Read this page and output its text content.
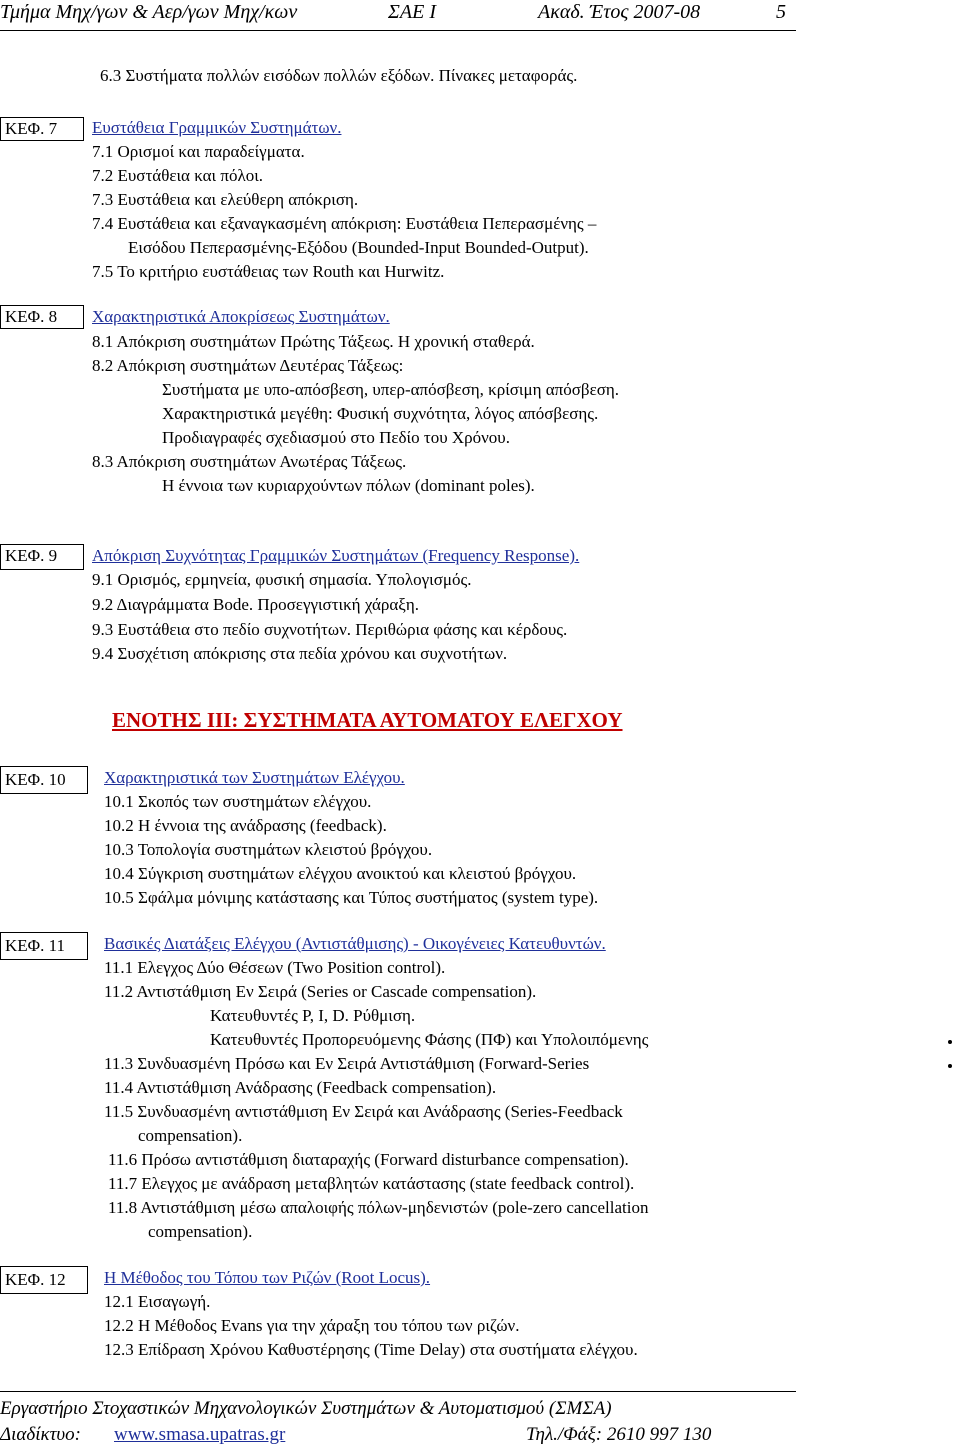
Τμήμα Μηχ/γων & Αερ/γων Μηχ/κων	ΣΑΕ Ι	Ακαδ. Έτος 2007-08	5
6.3 Συστήματα πολλών εισόδων πολλών εξόδων. Πίνακες μεταφοράς.
ΚΕΦ. 7	Ευστάθεια Γραμμικών Συστημάτων.
7.1 Ορισμοί και παραδείγματα.
7.2 Ευστάθεια και πόλοι.
7.3 Ευστάθεια και ελεύθερη απόκριση.
7.4 Ευστάθεια και εξαναγκασμένη απόκριση: Ευστάθεια Πεπερασμένης –
Εισόδου Πεπερασμένης-Εξόδου (Bounded-Input Bounded-Output).
7.5 Το κριτήριο ευστάθειας των Routh και Hurwitz.
ΚΕΦ. 8	Χαρακτηριστικά Αποκρίσεως Συστημάτων.
8.1 Απόκριση συστημάτων Πρώτης Τάξεως. Η χρονική σταθερά.
8.2 Απόκριση συστημάτων Δευτέρας Τάξεως:
Συστήματα με υπο-απόσβεση, υπερ-απόσβεση, κρίσιμη απόσβεση.
Χαρακτηριστικά μεγέθη: Φυσική συχνότητα, λόγος απόσβεσης.
Προδιαγραφές σχεδιασμού στο Πεδίο του Χρόνου.
8.3 Απόκριση συστημάτων Ανωτέρας Τάξεως.
Η έννοια των κυριαρχούντων πόλων (dominant poles).
ΚΕΦ. 9	Απόκριση Συχνότητας Γραμμικών Συστημάτων (Frequency Response).
9.1 Ορισμός, ερμηνεία, φυσική σημασία. Υπολογισμός.
9.2 Διαγράμματα Bode. Προσεγγιστική χάραξη.
9.3 Ευστάθεια στο πεδίο συχνοτήτων. Περιθώρια φάσης και κέρδους.
9.4 Συσχέτιση απόκρισης στα πεδία χρόνου και συχνοτήτων.
ΕΝΟΤΗΣ ΙΙΙ: ΣΥΣΤΗΜΑΤΑ ΑΥΤΟΜΑΤΟΥ ΕΛΕΓΧΟΥ
ΚΕΦ. 10	Χαρακτηριστικά των Συστημάτων Ελέγχου.
10.1 Σκοπός των συστημάτων ελέγχου.
10.2 Η έννοια της ανάδρασης (feedback).
10.3 Τοπολογία συστημάτων κλειστού βρόγχου.
10.4 Σύγκριση συστημάτων ελέγχου ανοικτού και κλειστού βρόγχου.
10.5 Σφάλμα μόνιμης κατάστασης και Τύπος συστήματος (system type).
ΚΕΦ. 11	Βασικές Διατάξεις Ελέγχου (Αντιστάθμισης) - Οικογένειες Κατευθυντών.
11.1 Ελεγχος Δύο Θέσεων (Two Position control).
11.2 Αντιστάθμιση Εν Σειρά (Series or Cascade compensation).
Κατευθυντές P, I, D. Ρύθμιση.
Κατευθυντές Προπορευόμενης Φάσης (ΠΦ) και Υπολοιπόμενης
11.3 Συνδυασμένη Πρόσω και Εν Σειρά Αντιστάθμιση (Forward-Series
11.4 Αντιστάθμιση Ανάδρασης (Feedback compensation).
11.5 Συνδυασμένη αντιστάθμιση Εν Σειρά και Ανάδρασης (Series-Feedback
compensation).
11.6 Πρόσω αντιστάθμιση διαταραχής (Forward disturbance compensation).
11.7 Ελεγχος με ανάδραση μεταβλητών κατάστασης (state feedback control).
11.8 Αντιστάθμιση μέσω απαλοιφής πόλων-μηδενιστών (pole-zero cancellation
compensation).
ΚΕΦ. 12	Η Μέθοδος του Τόπου των Ριζών (Root Locus).
12.1 Εισαγωγή.
12.2 Η Μέθοδος Evans για την χάραξη του τόπου των ριζών.
12.3 Επίδραση Χρόνου Καθυστέρησης (Time Delay) στα συστήματα ελέγχου.
Εργαστήριο Στοχαστικών Μηχανολογικών Συστημάτων & Αυτοματισμού (ΣΜΣΑ)
Διαδίκτυο: www.smasa.upatras.gr	Τηλ./Φάξ: 2610 997 130
